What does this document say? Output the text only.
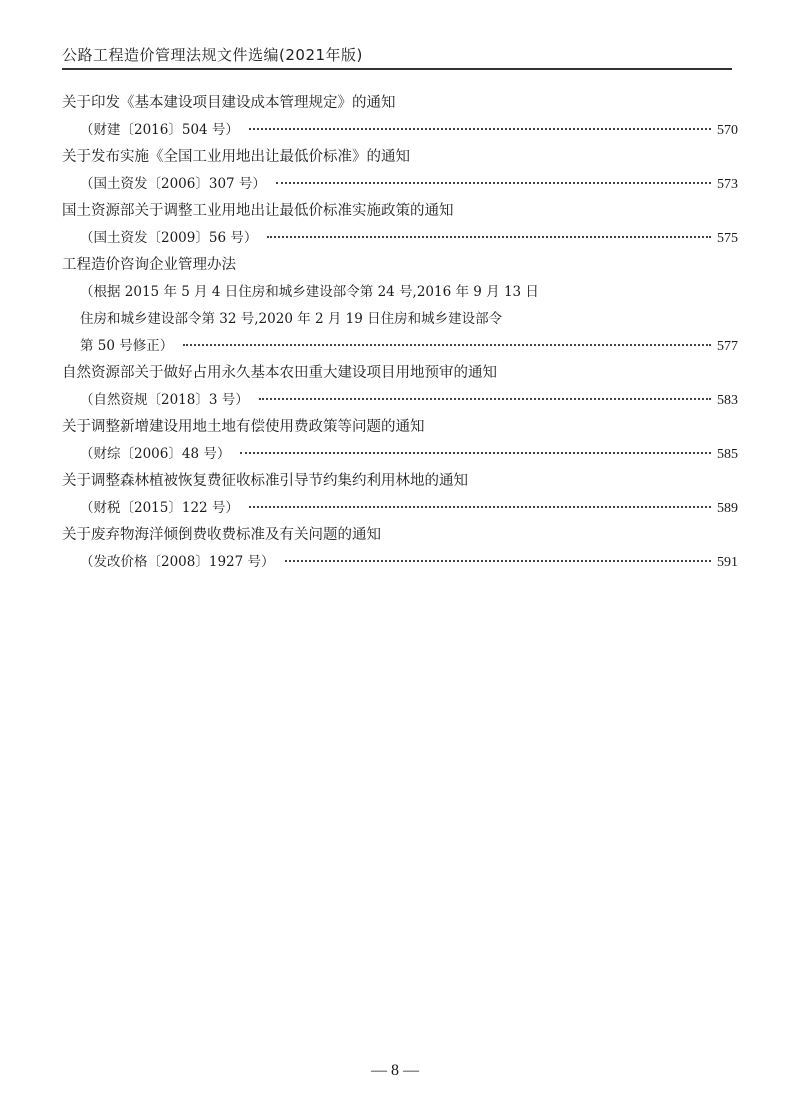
公路工程造价管理法规文件选编(2021年版)
关于印发《基本建设项目建设成本管理规定》的通知
（财建〔2016〕504 号）	570
关于发布实施《全国工业用地出让最低价标准》的通知
（国土资发〔2006〕307 号）	573
国土资源部关于调整工业用地出让最低价标准实施政策的通知
（国土资发〔2009〕56 号）	575
工程造价咨询企业管理办法
（根据 2015 年 5 月 4 日住房和城乡建设部令第 24 号,2016 年 9 月 13 日
住房和城乡建设部令第 32 号,2020 年 2 月 19 日住房和城乡建设部令
第 50 号修正）	577
自然资源部关于做好占用永久基本农田重大建设项目用地预审的通知
（自然资规〔2018〕3 号）	583
关于调整新增建设用地土地有偿使用费政策等问题的通知
（财综〔2006〕48 号）	585
关于调整森林植被恢复费征收标准引导节约集约利用林地的通知
（财税〔2015〕122 号）	589
关于废弃物海洋倾倒费收费标准及有关问题的通知
（发改价格〔2008〕1927 号）	591
— 8 —
